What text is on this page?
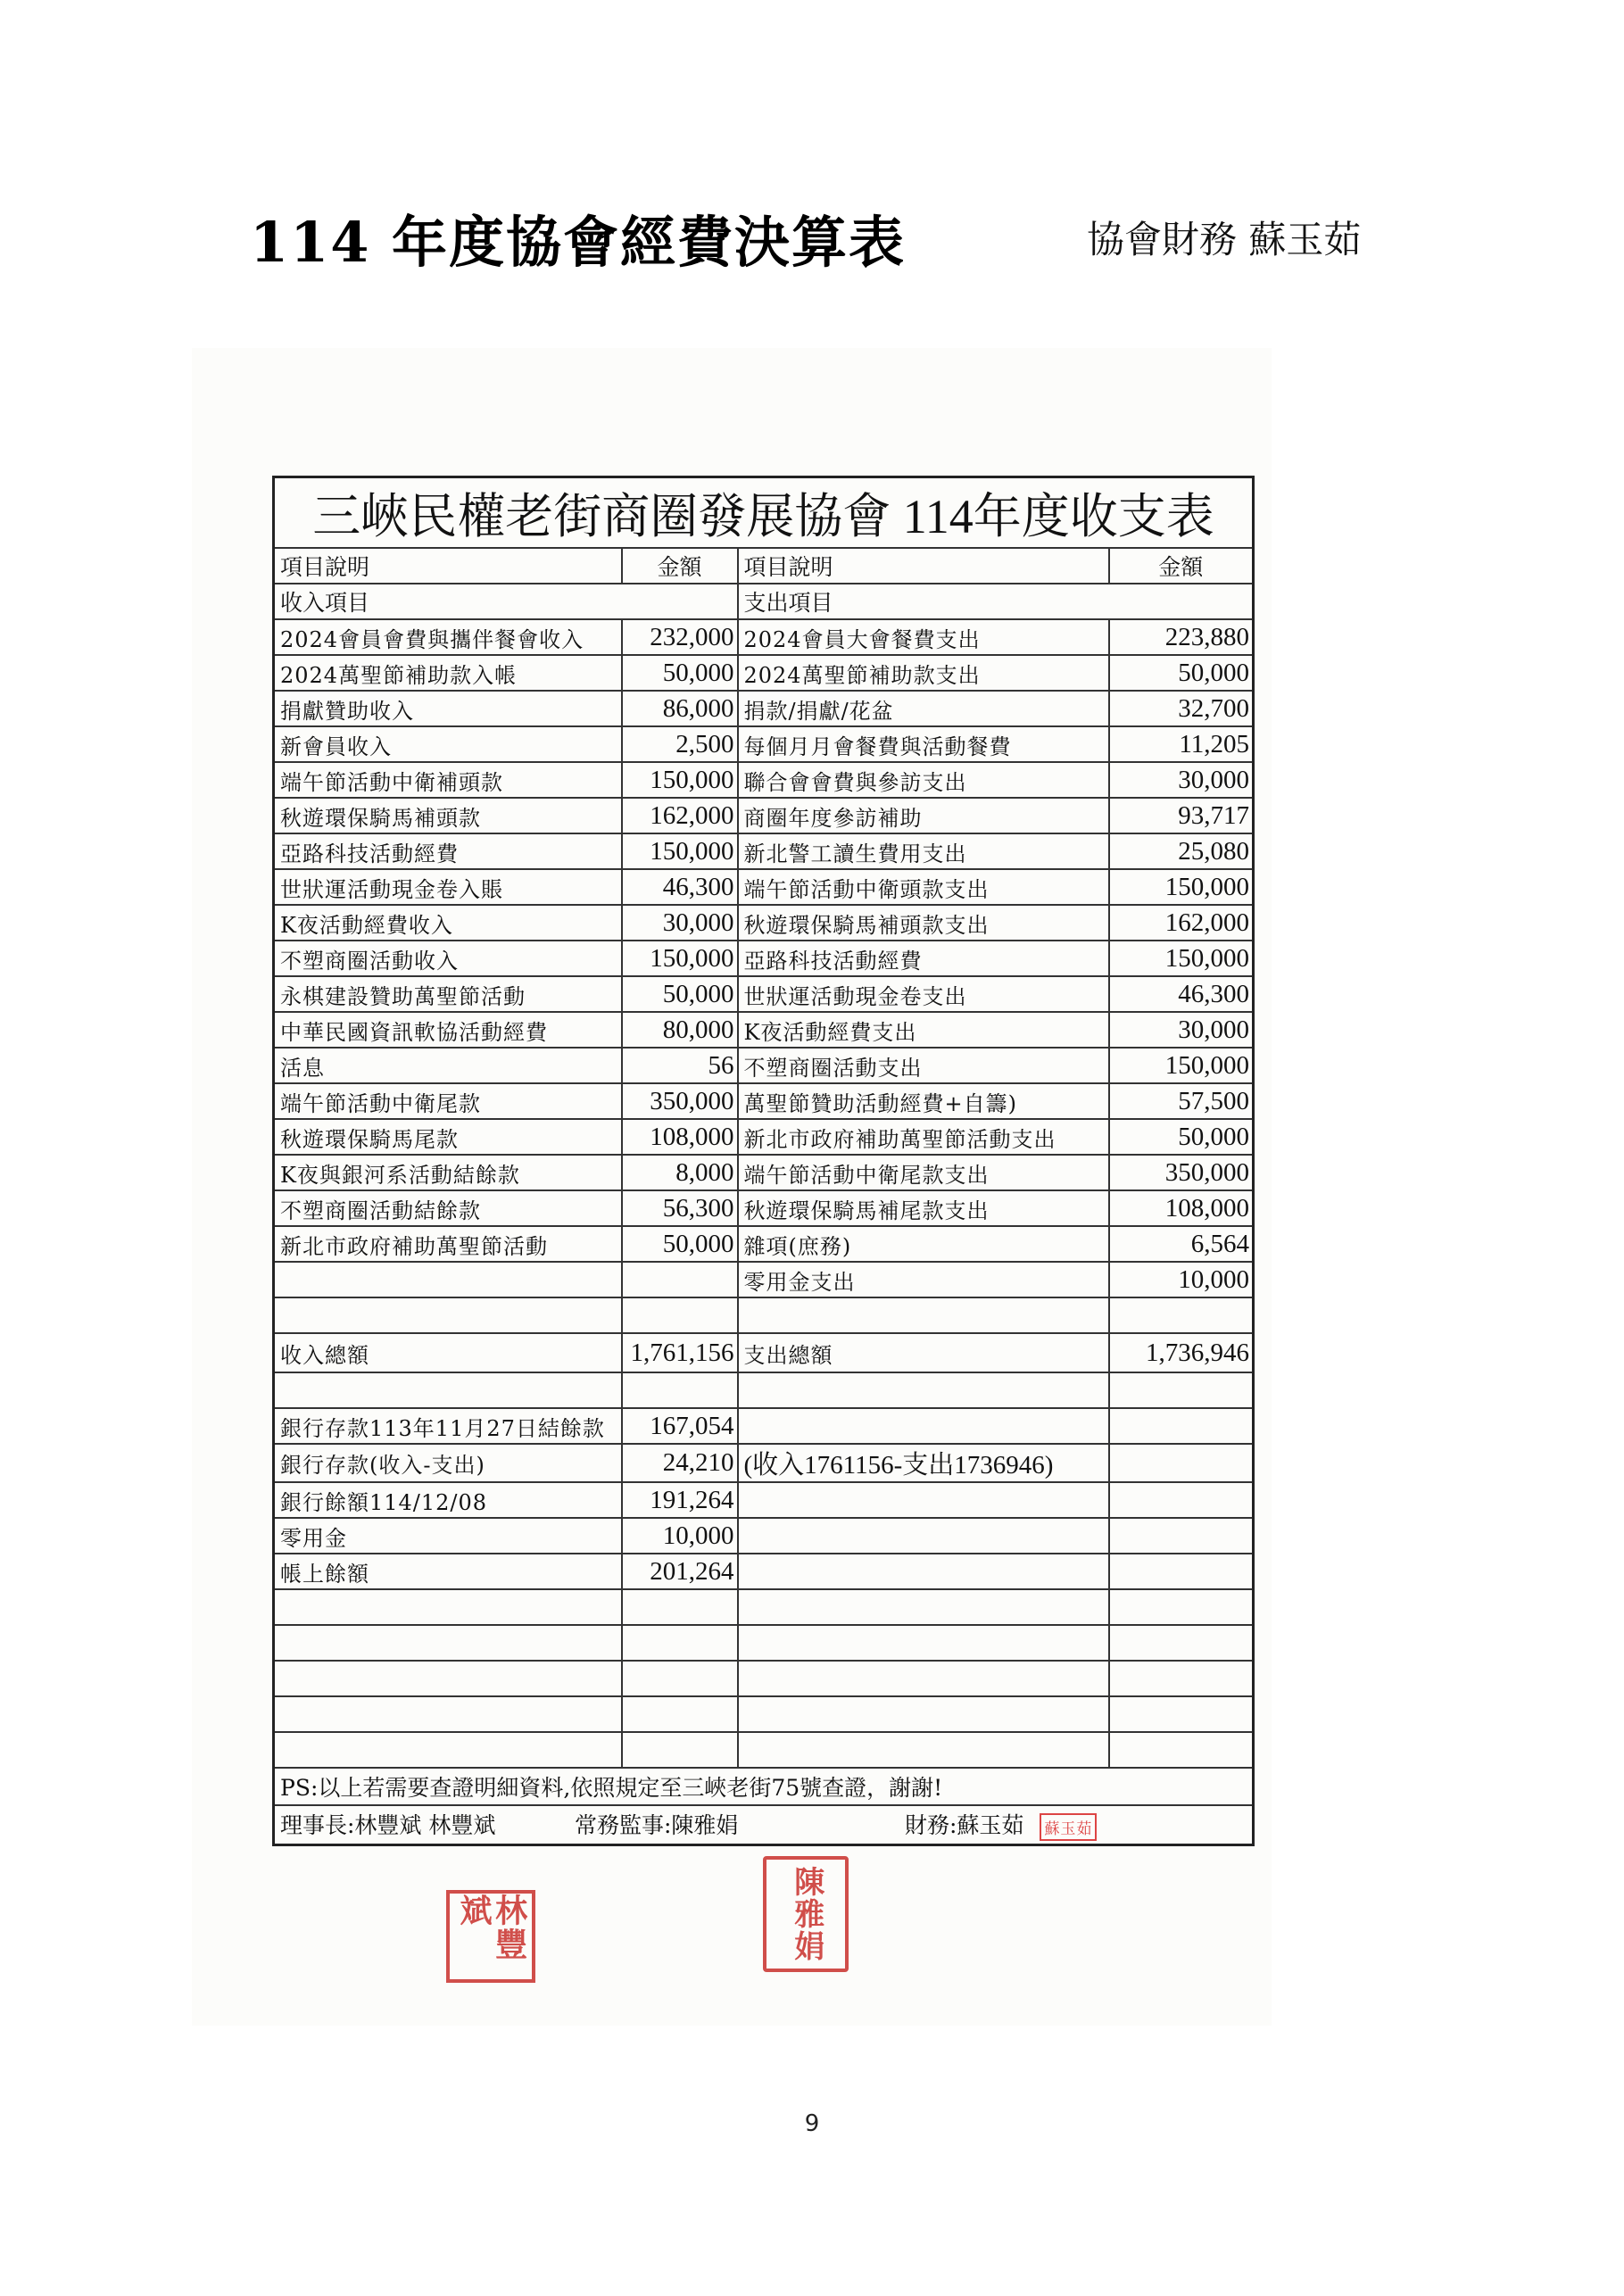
114 年度協會經費決算表	協會財務 蘇玉茹
三峽民權老街商圈發展協會 114年度收支表			
項目說明	金額	項目說明	金額
收入項目		支出項目	
2024會員會費與攜伴餐會收入	232,000	2024會員大會餐費支出	223,880
2024萬聖節補助款入帳	50,000	2024萬聖節補助款支出	50,000
捐獻贊助收入	86,000	捐款/捐獻/花盆	32,700
新會員收入	2,500	每個月月會餐費與活動餐費	11,205
端午節活動中衛補頭款	150,000	聯合會會費與參訪支出	30,000
秋遊環保騎馬補頭款	162,000	商圈年度參訪補助	93,717
亞路科技活動經費	150,000	新北警工讀生費用支出	25,080
世狀運活動現金卷入賬	46,300	端午節活動中衛頭款支出	150,000
K夜活動經費收入	30,000	秋遊環保騎馬補頭款支出	162,000
不塑商圈活動收入	150,000	亞路科技活動經費	150,000
永棋建設贊助萬聖節活動	50,000	世狀運活動現金卷支出	46,300
中華民國資訊軟協活動經費	80,000	K夜活動經費支出	30,000
活息	56	不塑商圈活動支出	150,000
端午節活動中衛尾款	350,000	萬聖節贊助活動經費+自籌)	57,500
秋遊環保騎馬尾款	108,000	新北市政府補助萬聖節活動支出	50,000
K夜與銀河系活動結餘款	8,000	端午節活動中衛尾款支出	350,000
不塑商圈活動結餘款	56,300	秋遊環保騎馬補尾款支出	108,000
新北市政府補助萬聖節活動	50,000	雜項(庶務)	6,564
		零用金支出	10,000

收入總額	1,761,156	支出總額	1,736,946

銀行存款113年11月27日結餘款	167,054		
銀行存款(收入-支出)	24,210	(收入1761156-支出1736946)	
銀行餘額114/12/08	191,264		
零用金	10,000		
帳上餘額	201,264		

PS:以上若需要查證明細資料,依照規定至三峽老街75號查證，謝謝!			
理事長:林豐斌 林豐斌 常務監事:陳雅娟 財務:蘇玉茹 蘇玉茹			
林豐斌	陳雅娟
9
